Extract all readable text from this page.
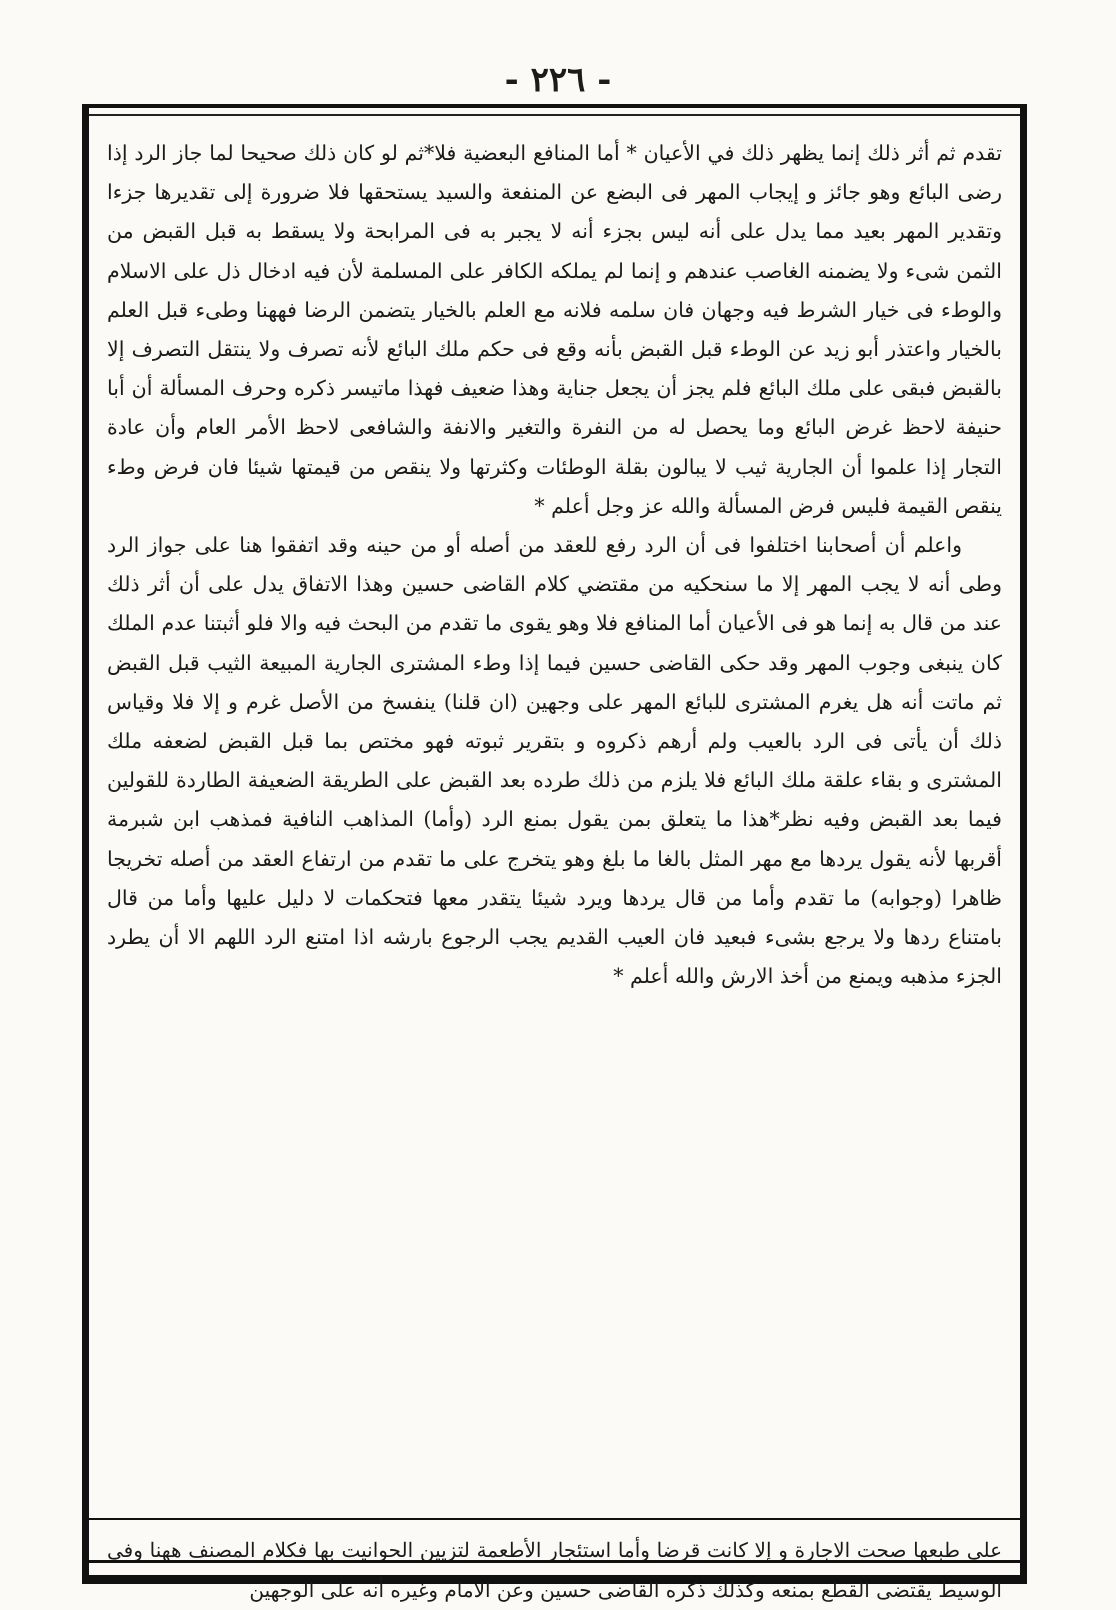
- ٢٢٦ -

تقدم ثم أثر ذلك إنما يظهر ذلك في الأعيان * أما المنافع البعضية فلا*ثم لو كان ذلك صحيحا لما جاز الرد إذا رضى البائع وهو جائز و إيجاب المهر فى البضع عن المنفعة والسيد يستحقها فلا ضرورة إلى تقديرها جزءا وتقدير المهر بعيد مما يدل على أنه ليس بجزء أنه لا يجبر به فى المرابحة ولا يسقط به قبل القبض من الثمن شىء ولا يضمنه الغاصب عندهم و إنما لم يملكه الكافر على المسلمة لأن فيه ادخال ذل على الاسلام والوطء فى خيار الشرط فيه وجهان فان سلمه فلانه مع العلم بالخيار يتضمن الرضا فههنا وطىء قبل العلم بالخيار واعتذر أبو زيد عن الوطء قبل القبض بأنه وقع فى حكم ملك البائع لأنه تصرف ولا ينتقل التصرف إلا بالقبض فبقى على ملك البائع فلم يجز أن يجعل جناية وهذا ضعيف فهذا ماتيسر ذكره وحرف المسألة أن أبا حنيفة لاحظ غرض البائع وما يحصل له من النفرة والتغير والانفة والشافعى لاحظ الأمر العام وأن عادة التجار إذا علموا أن الجارية ثيب لا يبالون بقلة الوطئات وكثرتها ولا ينقص من قيمتها شيئا فان فرض وطء ينقص القيمة فليس فرض المسألة والله عز وجل أعلم *

واعلم أن أصحابنا اختلفوا فى أن الرد رفع للعقد من أصله أو من حينه وقد اتفقوا هنا على جواز الرد وطى أنه لا يجب المهر إلا ما سنحكيه من مقتضي كلام القاضى حسين وهذا الاتفاق يدل على أن أثر ذلك عند من قال به إنما هو فى الأعيان أما المنافع فلا وهو يقوى ما تقدم من البحث فيه والا فلو أثبتنا عدم الملك كان ينبغى وجوب المهر وقد حكى القاضى حسين فيما إذا وطء المشترى الجارية المبيعة الثيب قبل القبض ثم ماتت أنه هل يغرم المشترى للبائع المهر على وجهين (ان قلنا) ينفسخ من الأصل غرم و إلا فلا وقياس ذلك أن يأتى فى الرد بالعيب ولم أرهم ذكروه و بتقرير ثبوته فهو مختص بما قبل القبض لضعفه ملك المشترى و بقاء علقة ملك البائع فلا يلزم من ذلك طرده بعد القبض على الطريقة الضعيفة الطاردة للقولين فيما بعد القبض وفيه نظر*هذا ما يتعلق بمن يقول بمنع الرد (وأما) المذاهب النافية فمذهب ابن شبرمة أقربها لأنه يقول يردها مع مهر المثل بالغا ما بلغ وهو يتخرج على ما تقدم من ارتفاع العقد من أصله تخريجا ظاهرا (وجوابه) ما تقدم وأما من قال يردها ويرد شيئا يتقدر معها فتحكمات لا دليل عليها وأما من قال بامتناع ردها ولا يرجع بشىء فبعيد فان العيب القديم يجب الرجوع بارشه اذا امتنع الرد اللهم الا أن يطرد الجزء مذهبه ويمنع من أخذ الارش والله أعلم *

على طبعها صحت الاجارة و إلا كانت قرضا وأما استئجار الأطعمة لتزيين الحوانيت بها فكلام المصنف ههنا وفى الوسيط يقتضى القطع بمنعه وكذلك ذكره القاضى حسين وعن الامام وغيره أنه على الوجهين
